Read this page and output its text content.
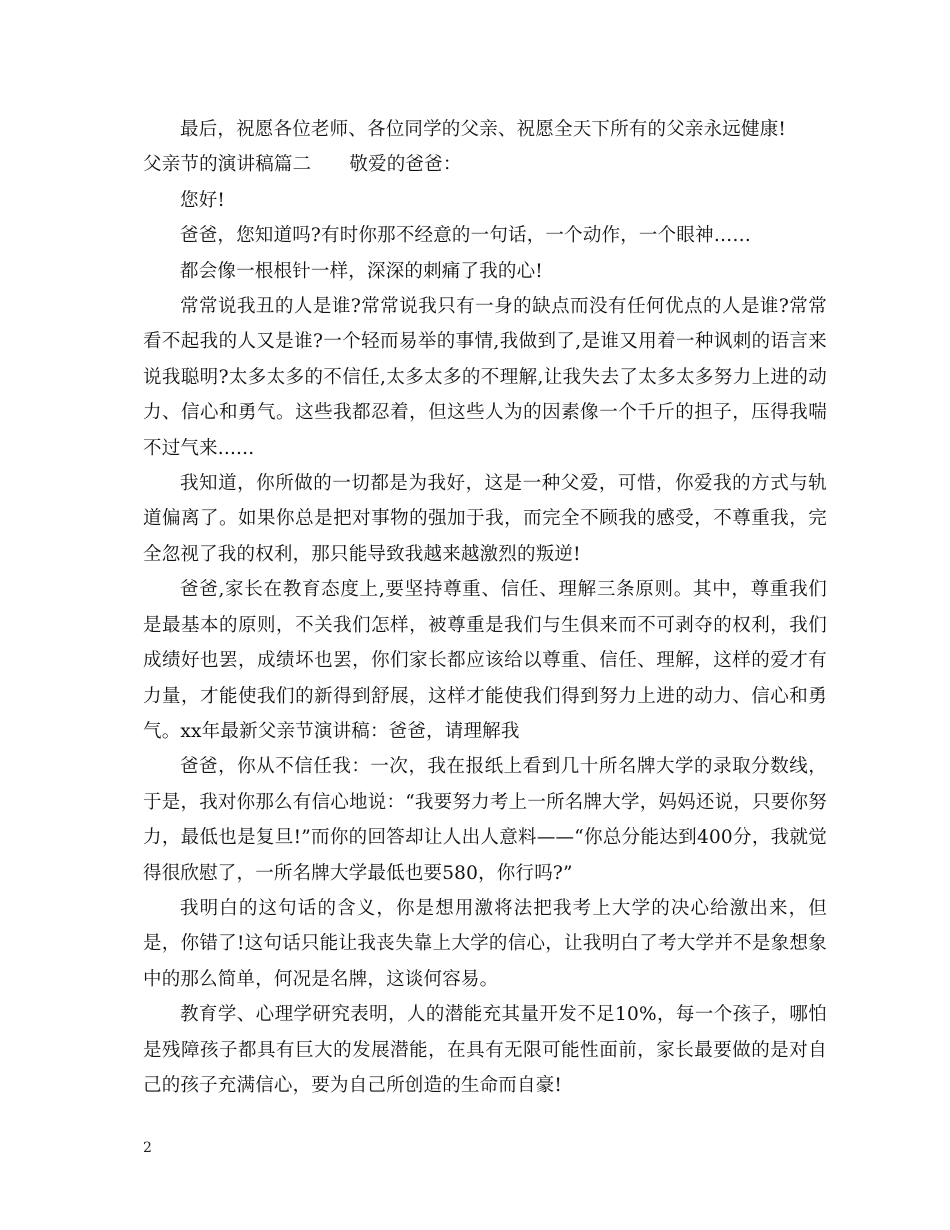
最后，祝愿各位老师、各位同学的父亲、祝愿全天下所有的父亲永远健康!

父亲节的演讲稿篇二 敬爱的爸爸：

您好!

爸爸，您知道吗?有时你那不经意的一句话，一个动作，一个眼神……

都会像一根根针一样，深深的刺痛了我的心!

常常说我丑的人是谁?常常说我只有一身的缺点而没有任何优点的人是谁?常常看不起我的人又是谁?一个轻而易举的事情,我做到了,是谁又用着一种讽刺的语言来说我聪明?太多太多的不信任,太多太多的不理解,让我失去了太多太多努力上进的动力、信心和勇气。这些我都忍着，但这些人为的因素像一个千斤的担子，压得我喘不过气来......

我知道，你所做的一切都是为我好，这是一种父爱，可惜，你爱我的方式与轨道偏离了。如果你总是把对事物的强加于我，而完全不顾我的感受，不尊重我，完全忽视了我的权利，那只能导致我越来越激烈的叛逆!

爸爸,家长在教育态度上,要坚持尊重、信任、理解三条原则。其中，尊重我们是最基本的原则，不关我们怎样，被尊重是我们与生俱来而不可剥夺的权利，我们成绩好也罢，成绩坏也罢，你们家长都应该给以尊重、信任、理解，这样的爱才有力量，才能使我们的新得到舒展，这样才能使我们得到努力上进的动力、信心和勇气。xx年最新父亲节演讲稿：爸爸，请理解我

爸爸，你从不信任我：一次，我在报纸上看到几十所名牌大学的录取分数线，于是，我对你那么有信心地说：“我要努力考上一所名牌大学，妈妈还说，只要你努力，最低也是复旦!”而你的回答却让人出人意料——“你总分能达到400分，我就觉得很欣慰了，一所名牌大学最低也要580，你行吗?”

我明白的这句话的含义，你是想用激将法把我考上大学的决心给激出来，但是，你错了!这句话只能让我丧失靠上大学的信心，让我明白了考大学并不是象想象中的那么简单，何况是名牌，这谈何容易。

教育学、心理学研究表明，人的潜能充其量开发不足10%，每一个孩子，哪怕是残障孩子都具有巨大的发展潜能，在具有无限可能性面前，家长最要做的是对自己的孩子充满信心，要为自己所创造的生命而自豪!

2
